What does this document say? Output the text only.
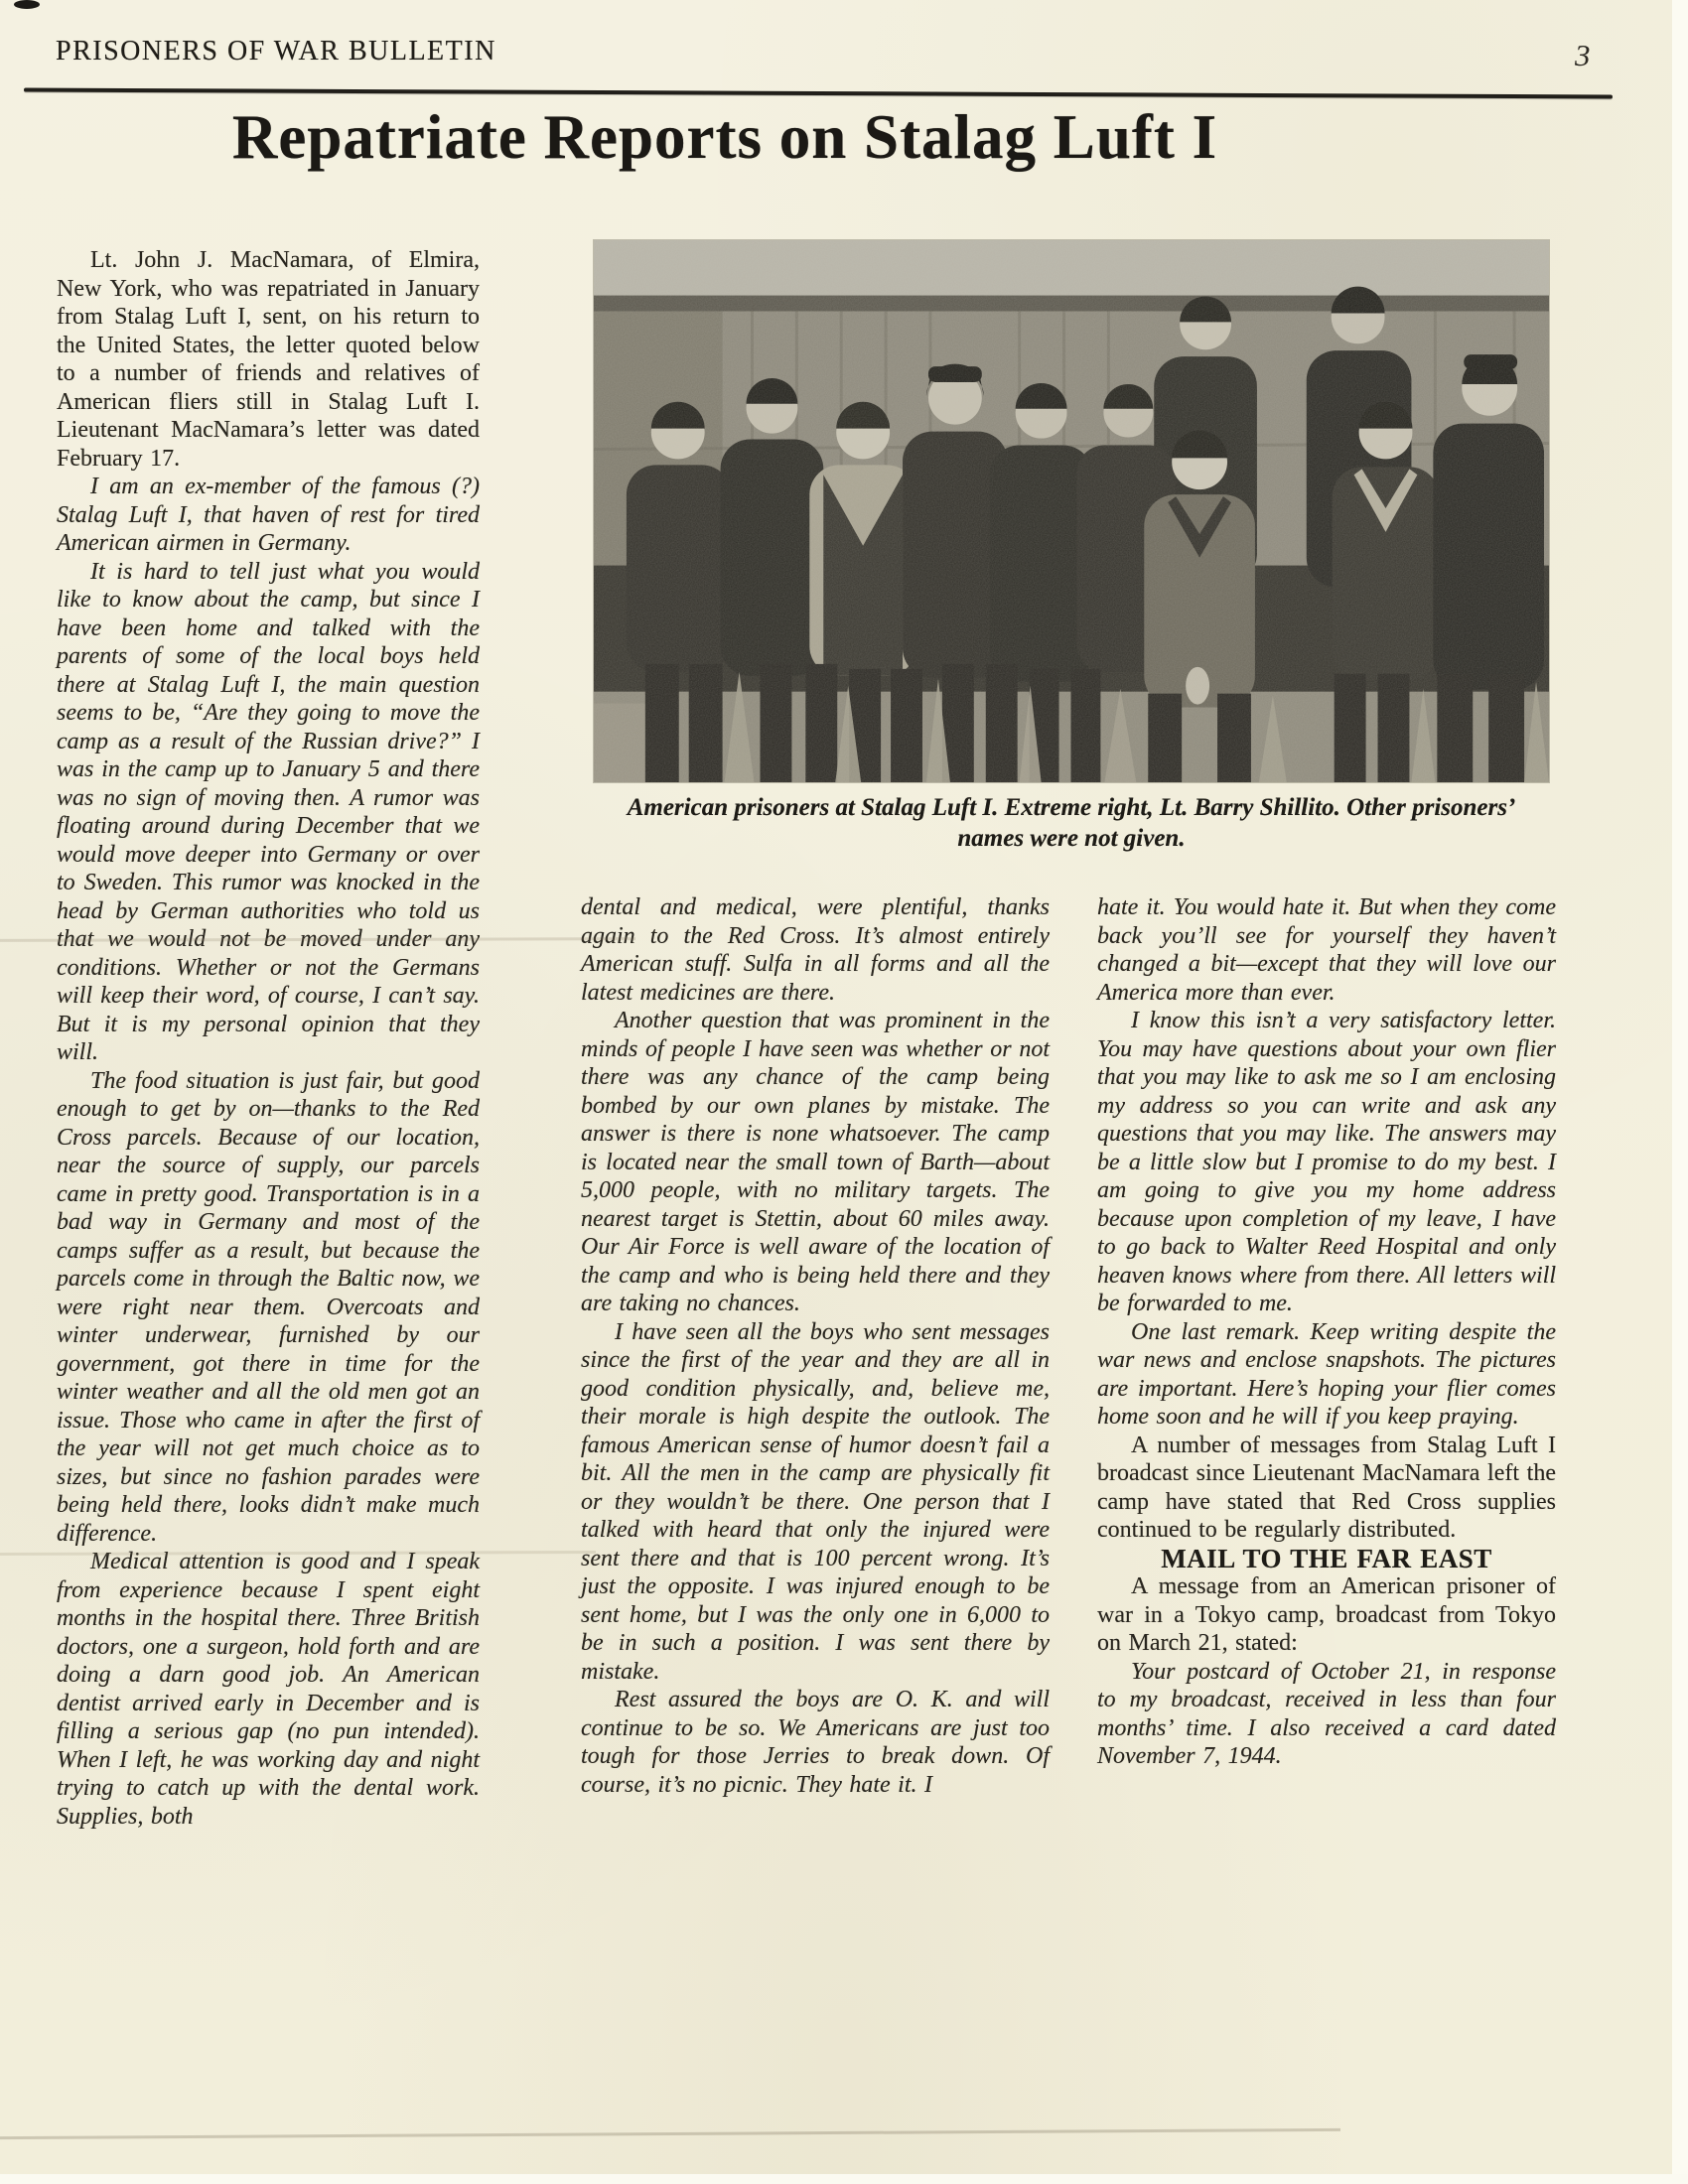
PRISONERS OF WAR BULLETIN	3
Repatriate Reports on Stalag Luft I

Lt. John J. MacNamara, of Elmira, New York, who was repatriated in January from Stalag Luft I, sent, on his return to the United States, the letter quoted below to a number of friends and relatives of American fliers still in Stalag Luft I. Lieutenant MacNamara’s letter was dated February 17.

I am an ex-member of the famous (?) Stalag Luft I, that haven of rest for tired American airmen in Germany.

It is hard to tell just what you would like to know about the camp, but since I have been home and talked with the parents of some of the local boys held there at Stalag Luft I, the main question seems to be, “Are they going to move the camp as a result of the Russian drive?” I was in the camp up to January 5 and there was no sign of moving then. A rumor was floating around during December that we would move deeper into Germany or over to Sweden. This rumor was knocked in the head by German authorities who told us that we would not be moved under any conditions. Whether or not the Germans will keep their word, of course, I can’t say. But it is my personal opinion that they will.

The food situation is just fair, but good enough to get by on—thanks to the Red Cross parcels. Because of our location, near the source of supply, our parcels came in pretty good. Transportation is in a bad way in Germany and most of the camps suffer as a result, but because the parcels come in through the Baltic now, we were right near them. Overcoats and winter underwear, furnished by our government, got there in time for the winter weather and all the old men got an issue. Those who came in after the first of the year will not get much choice as to sizes, but since no fashion parades were being held there, looks didn’t make much difference.

Medical attention is good and I speak from experience because I spent eight months in the hospital there. Three British doctors, one a surgeon, hold forth and are doing a darn good job. An American dentist arrived early in December and is filling a serious gap (no pun intended). When I left, he was working day and night trying to catch up with the dental work. Supplies, both

American prisoners at Stalag Luft I. Extreme right, Lt. Barry Shillito. Other prisoners’ names were not given.

dental and medical, were plentiful, thanks again to the Red Cross. It’s almost entirely American stuff. Sulfa in all forms and all the latest medicines are there.

Another question that was prominent in the minds of people I have seen was whether or not there was any chance of the camp being bombed by our own planes by mistake. The answer is there is none whatsoever. The camp is located near the small town of Barth—about 5,000 people, with no military targets. The nearest target is Stettin, about 60 miles away. Our Air Force is well aware of the location of the camp and who is being held there and they are taking no chances.

I have seen all the boys who sent messages since the first of the year and they are all in good condition physically, and, believe me, their morale is high despite the outlook. The famous American sense of humor doesn’t fail a bit. All the men in the camp are physically fit or they wouldn’t be there. One person that I talked with heard that only the injured were sent there and that is 100 percent wrong. It’s just the opposite. I was injured enough to be sent home, but I was the only one in 6,000 to be in such a position. I was sent there by mistake.

Rest assured the boys are O. K. and will continue to be so. We Americans are just too tough for those Jerries to break down. Of course, it’s no picnic. They hate it. I

hate it. You would hate it. But when they come back you’ll see for yourself they haven’t changed a bit—except that they will love our America more than ever.

I know this isn’t a very satisfactory letter. You may have questions about your own flier that you may like to ask me so I am enclosing my address so you can write and ask any questions that you may like. The answers may be a little slow but I promise to do my best. I am going to give you my home address because upon completion of my leave, I have to go back to Walter Reed Hospital and only heaven knows where from there. All letters will be forwarded to me.

One last remark. Keep writing despite the war news and enclose snapshots. The pictures are important. Here’s hoping your flier comes home soon and he will if you keep praying.

A number of messages from Stalag Luft I broadcast since Lieutenant MacNamara left the camp have stated that Red Cross supplies continued to be regularly distributed.

MAIL TO THE FAR EAST

A message from an American prisoner of war in a Tokyo camp, broadcast from Tokyo on March 21, stated:

Your postcard of October 21, in response to my broadcast, received in less than four months’ time. I also received a card dated November 7, 1944.
